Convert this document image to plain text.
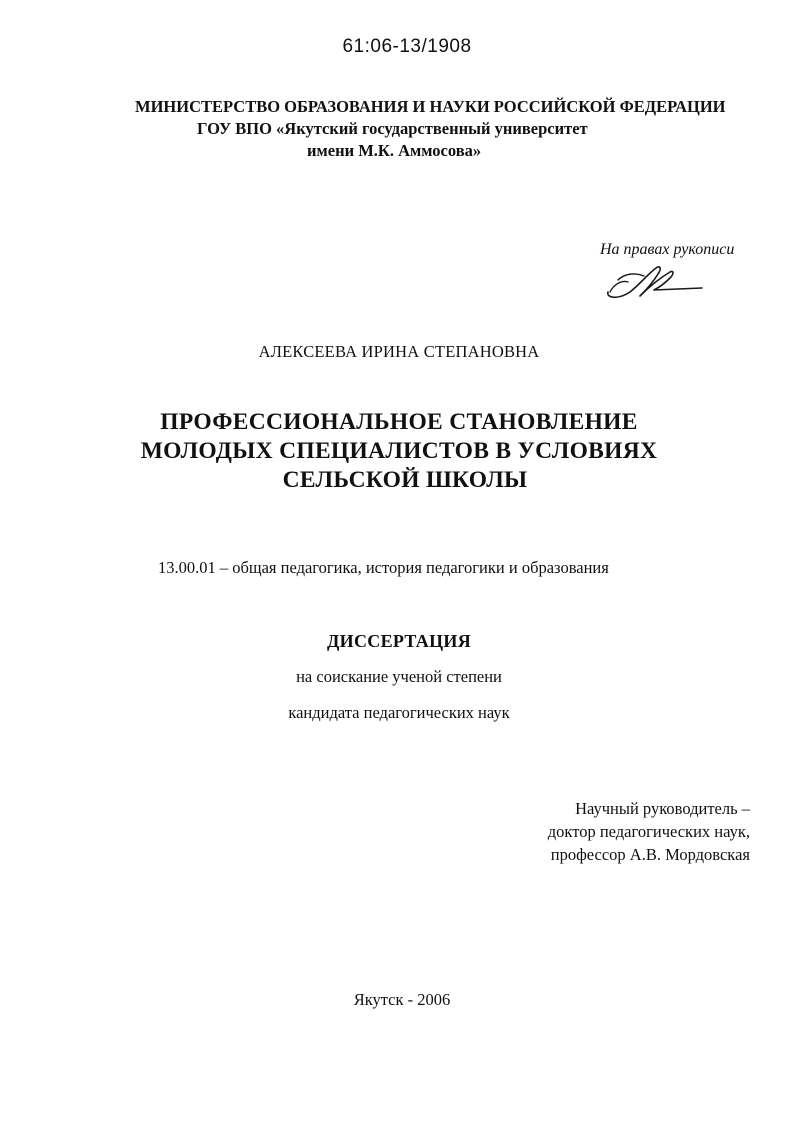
61:06-13/1908

МИНИСТЕРСТВО ОБРАЗОВАНИЯ И НАУКИ РОССИЙСКОЙ ФЕДЕРАЦИИ

ГОУ ВПО «Якутский государственный университет

имени М.К. Аммосова»

На правах рукописи

АЛЕКСЕЕВА ИРИНА СТЕПАНОВНА

ПРОФЕССИОНАЛЬНОЕ СТАНОВЛЕНИЕ

МОЛОДЫХ СПЕЦИАЛИСТОВ В УСЛОВИЯХ

СЕЛЬСКОЙ ШКОЛЫ

13.00.01 – общая педагогика, история педагогики и образования

ДИССЕРТАЦИЯ

на соискание ученой степени

кандидата педагогических наук

Научный руководитель –

доктор педагогических наук,

профессор А.В. Мордовская

Якутск - 2006
